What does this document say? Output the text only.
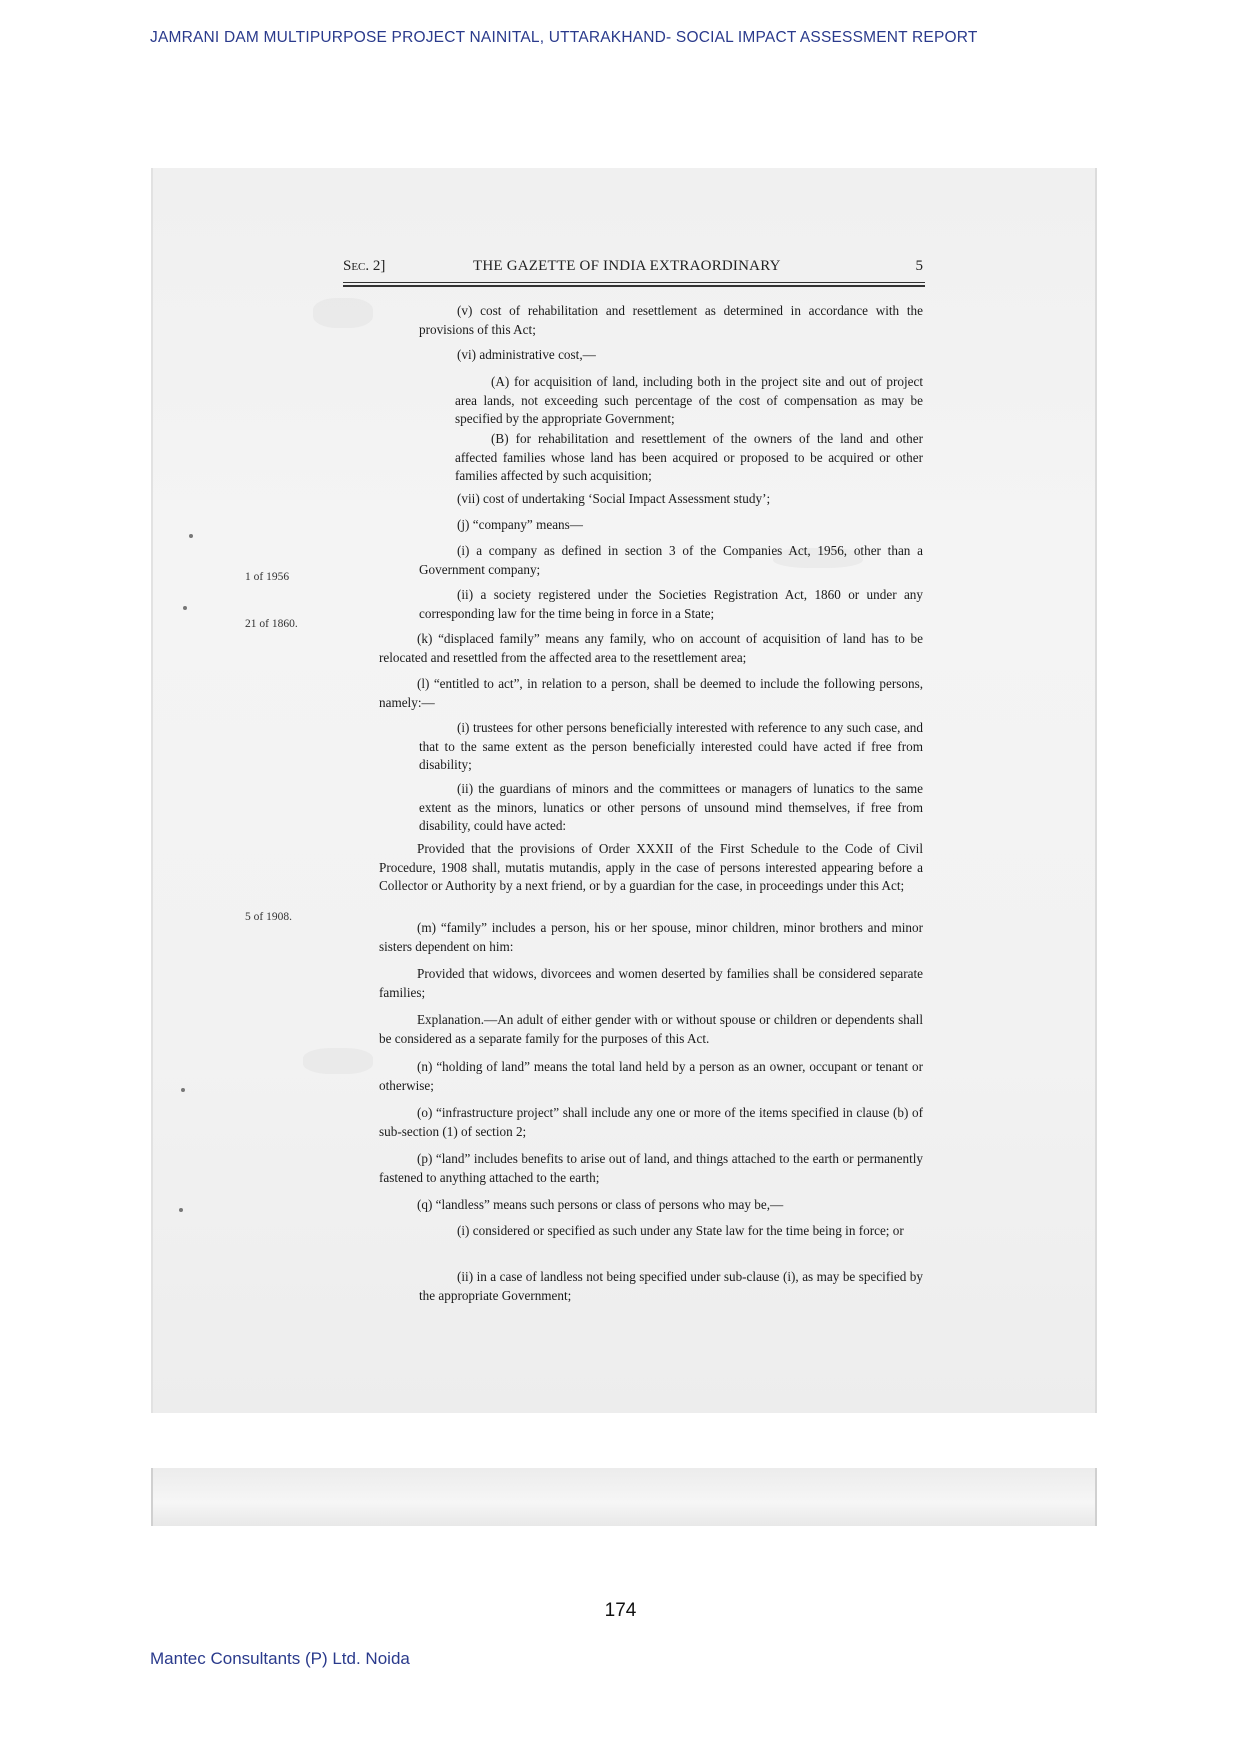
JAMRANI DAM MULTIPURPOSE PROJECT NAINITAL, UTTARAKHAND- SOCIAL IMPACT ASSESSMENT REPORT
Sec. 2]	THE GAZETTE OF INDIA EXTRAORDINARY	5
1 of 1956
21 of 1860.
5 of 1908.

(v) cost of rehabilitation and resettlement as determined in accordance with the provisions of this Act;

(vi) administrative cost,—

(A) for acquisition of land, including both in the project site and out of project area lands, not exceeding such percentage of the cost of compensation as may be specified by the appropriate Government;

(B) for rehabilitation and resettlement of the owners of the land and other affected families whose land has been acquired or proposed to be acquired or other families affected by such acquisition;

(vii) cost of undertaking ‘Social Impact Assessment study’;

(j) “company” means—

(i) a company as defined in section 3 of the Companies Act, 1956, other than a Government company;

(ii) a society registered under the Societies Registration Act, 1860 or under any corresponding law for the time being in force in a State;

(k) “displaced family” means any family, who on account of acquisition of land has to be relocated and resettled from the affected area to the resettlement area;

(l) “entitled to act”, in relation to a person, shall be deemed to include the following persons, namely:—

(i) trustees for other persons beneficially interested with reference to any such case, and that to the same extent as the person beneficially interested could have acted if free from disability;

(ii) the guardians of minors and the committees or managers of lunatics to the same extent as the minors, lunatics or other persons of unsound mind themselves, if free from disability, could have acted:

Provided that the provisions of Order XXXII of the First Schedule to the Code of Civil Procedure, 1908 shall, mutatis mutandis, apply in the case of persons interested appearing before a Collector or Authority by a next friend, or by a guardian for the case, in proceedings under this Act;

(m) “family” includes a person, his or her spouse, minor children, minor brothers and minor sisters dependent on him:

Provided that widows, divorcees and women deserted by families shall be considered separate families;

Explanation.—An adult of either gender with or without spouse or children or dependents shall be considered as a separate family for the purposes of this Act.

(n) “holding of land” means the total land held by a person as an owner, occupant or tenant or otherwise;

(o) “infrastructure project” shall include any one or more of the items specified in clause (b) of sub-section (1) of section 2;

(p) “land” includes benefits to arise out of land, and things attached to the earth or permanently fastened to anything attached to the earth;

(q) “landless” means such persons or class of persons who may be,—

(i) considered or specified as such under any State law for the time being in force; or

(ii) in a case of landless not being specified under sub-clause (i), as may be specified by the appropriate Government;

174
Mantec Consultants (P) Ltd. Noida
